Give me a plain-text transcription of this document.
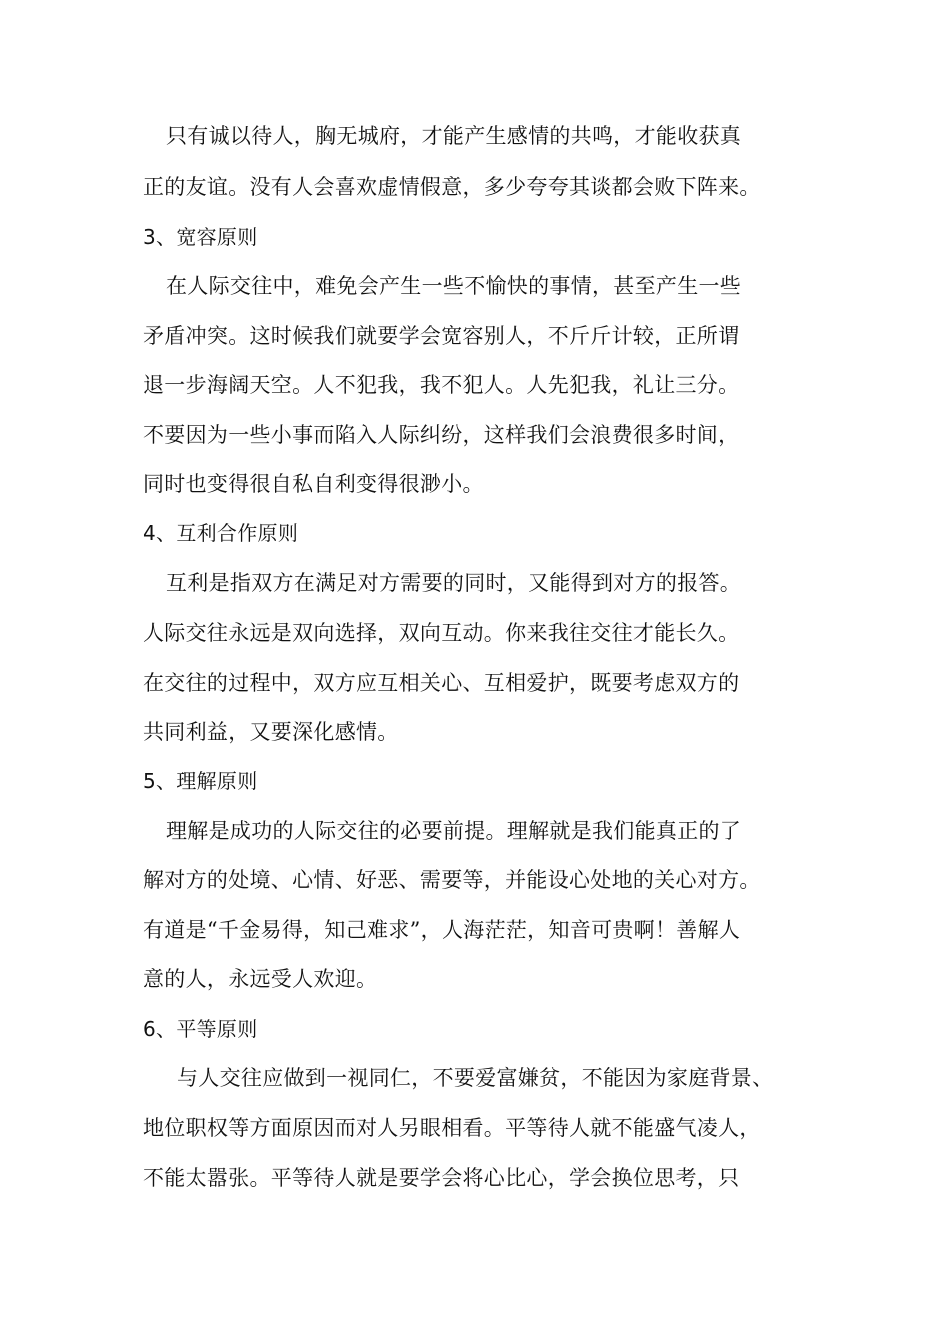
只有诚以待人，胸无城府，才能产生感情的共鸣，才能收获真
正的友谊。没有人会喜欢虚情假意，多少夸夸其谈都会败下阵来。
3、宽容原则
在人际交往中，难免会产生一些不愉快的事情，甚至产生一些
矛盾冲突。这时候我们就要学会宽容别人，不斤斤计较，正所谓
退一步海阔天空。人不犯我，我不犯人。人先犯我，礼让三分。
不要因为一些小事而陷入人际纠纷，这样我们会浪费很多时间，
同时也变得很自私自利变得很渺小。
4、互利合作原则
互利是指双方在满足对方需要的同时，又能得到对方的报答。
人际交往永远是双向选择，双向互动。你来我往交往才能长久。
在交往的过程中，双方应互相关心、互相爱护，既要考虑双方的
共同利益，又要深化感情。
5、理解原则
理解是成功的人际交往的必要前提。理解就是我们能真正的了
解对方的处境、心情、好恶、需要等，并能设心处地的关心对方。
有道是“千金易得，知己难求”，人海茫茫，知音可贵啊！善解人
意的人，永远受人欢迎。
6、平等原则
与人交往应做到一视同仁，不要爱富嫌贫，不能因为家庭背景、
地位职权等方面原因而对人另眼相看。平等待人就不能盛气凌人，
不能太嚣张。平等待人就是要学会将心比心，学会换位思考，只
